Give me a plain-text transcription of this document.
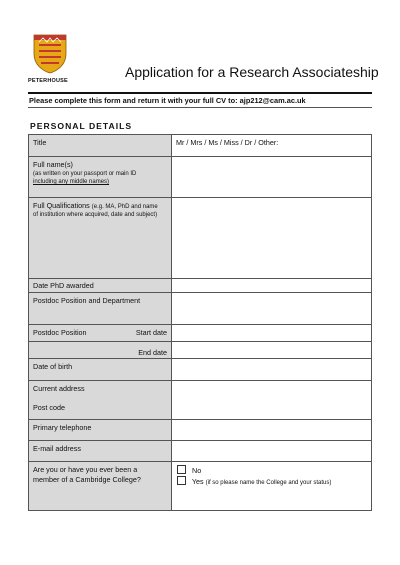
PETERHOUSE
Application for a Research Associateship
Please complete this form and return it with your full CV to: ajp212@cam.ac.uk
PERSONAL DETAILS
Title	Mr / Mrs / Ms / Miss / Dr / Other:
Full name(s)
(as written on your passport or main ID
including any middle names)
Full Qualifications (e.g. MA, PhD and name
of institution where acquired, date and subject)
Date PhD awarded
Postdoc Position and Department
Postdoc Position	Start date
End date
Date of birth
Current address
Post code
Primary telephone
E-mail address
Are you or have you ever been a
member of a Cambridge College?
No
Yes (if so please name the College and your status)
